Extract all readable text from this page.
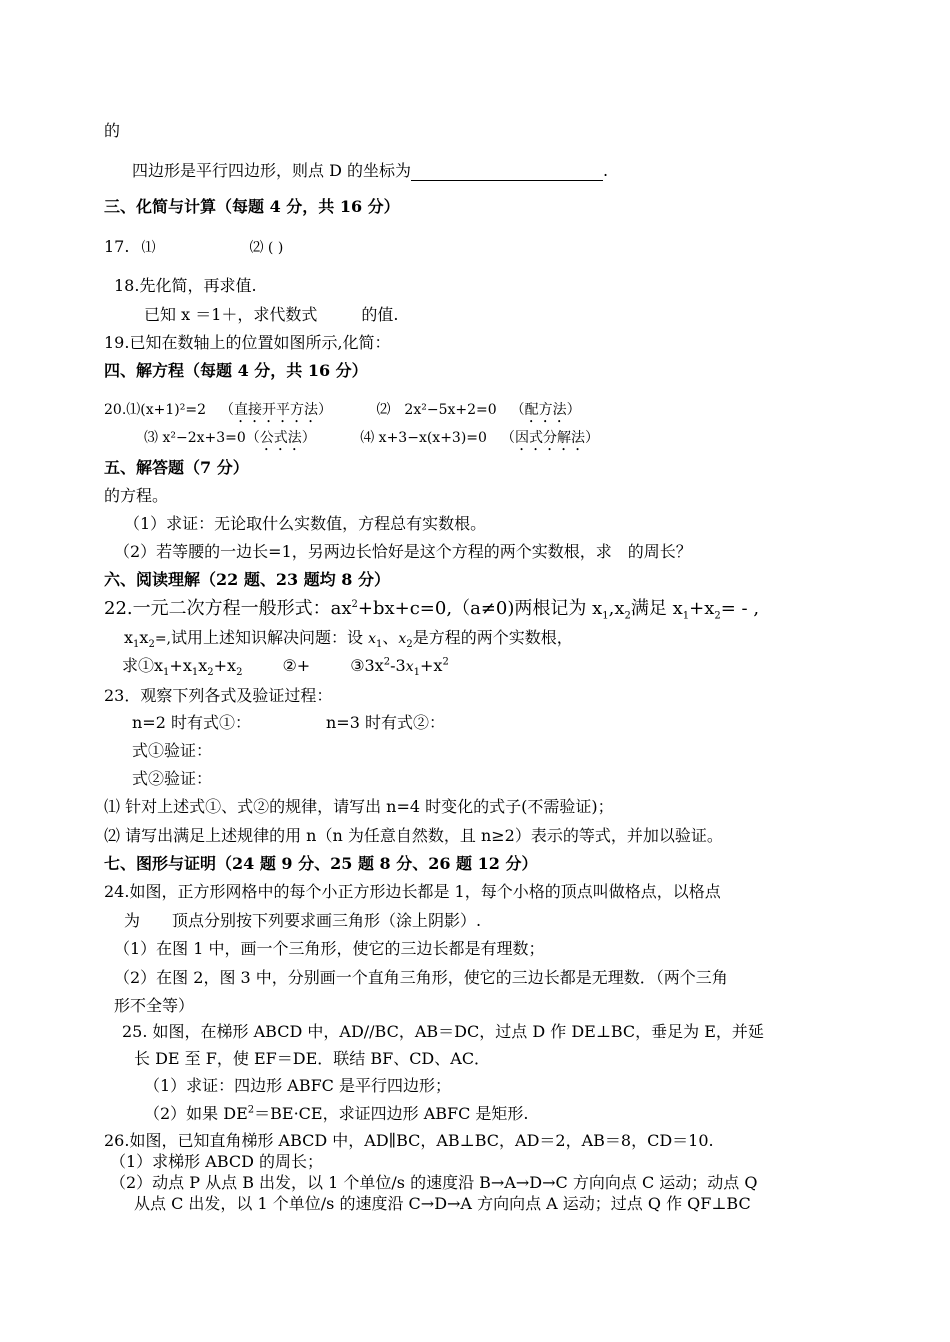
的
四边形是平行四边形，则点 D 的坐标为	.
三、化简与计算（每题 4 分，共 16 分）
17. ⑴	⑵ ( )
18.先化简，再求值.
已知 x ＝1＋，求代数式	的值.
19.已知在数轴上的位置如图所示,化简：
四、解方程（每题 4 分，共 16 分）
20.⑴(x+1)²=2 （直接开平方法）	⑵　2x²−5x+2=0 （配方法）
⑶ x²−2x+3=0（公式法）	⑷ x+3−x(x+3)=0 （因式分解法）
五、解答题（7 分）
的方程。
（1）求证：无论取什么实数值，方程总有实数根。
（2）若等腰的一边长=1，另两边长恰好是这个方程的两个实数根，求　的周长？
六、阅读理解（22 题、23 题均 8 分）
22.一元二次方程一般形式：$ax^2+bx+c=0,(a\ne 0)$两根记为 $x_1,x_2$满足 $x_1+x_2=$ - ,
$x_1x_2=$,试用上述知识解决问题：设 $x_1$、$x_2$是方程的两个实数根，
求$①x_1+x_1x_2+x_2$	②+	$③3x^2-3x_1+x^2$
23．观察下列各式及验证过程：
n=2 时有式①：	n=3 时有式②：
式①验证：
式②验证：
⑴ 针对上述式①、式②的规律，请写出 n=4 时变化的式子(不需验证)；
⑵ 请写出满足上述规律的用 n（n 为任意自然数，且 n≥2）表示的等式，并加以验证。
七、图形与证明（24 题 9 分、25 题 8 分、26 题 12 分）
24.如图，正方形网格中的每个小正方形边长都是 1，每个小格的顶点叫做格点，以格点
为　　顶点分别按下列要求画三角形（涂上阴影）.
（1）在图 1 中，画一个三角形，使它的三边长都是有理数；
（2）在图 2，图 3 中，分别画一个直角三角形，使它的三边长都是无理数．（两个三角
形不全等）
25. 如图，在梯形 ABCD 中，AD//BC，AB＝DC，过点 D 作 DE⊥BC，垂足为 E，并延
长 DE 至 F，使 EF＝DE．联结 BF、CD、AC．
（1）求证：四边形 ABFC 是平行四边形；
（2）如果 $DE^2=BE\cdot CE$，求证四边形 ABFC 是矩形.
26.如图，已知直角梯形 ABCD 中，AD∥BC，AB⊥BC，AD＝2，AB＝8，CD＝10.
（1）求梯形 ABCD 的周长；
（2）动点 P 从点 B 出发，以 1 个单位/s 的速度沿 B→A→D→C 方向向点 C 运动；动点 Q
从点 C 出发，以 1 个单位/s 的速度沿 C→D→A 方向向点 A 运动；过点 Q 作 QF⊥BC
